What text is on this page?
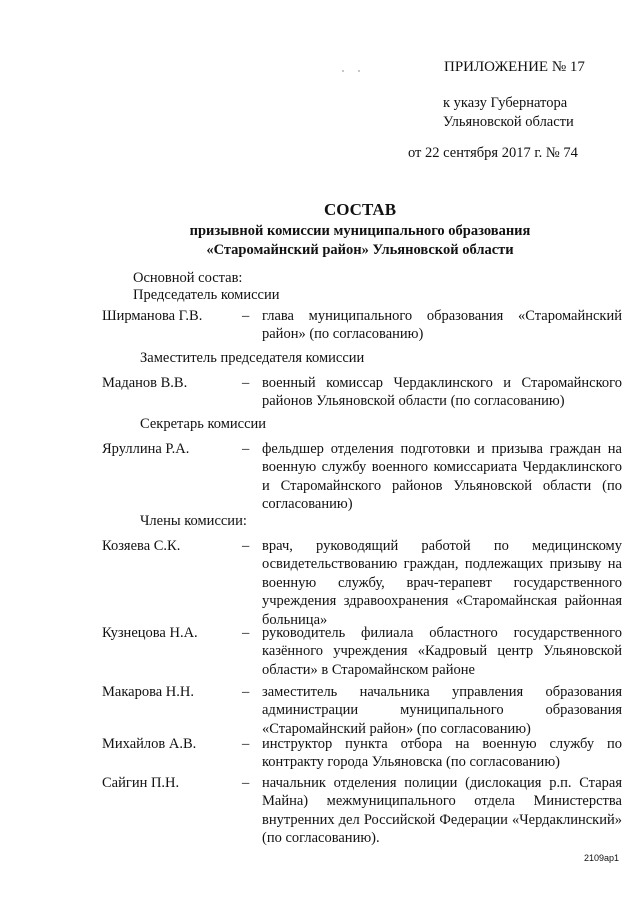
ПРИЛОЖЕНИЕ № 17
к указу Губернатора
Ульяновской области
от 22 сентября 2017 г. № 74
СОСТАВ
призывной комиссии муниципального образования
«Старомайнский район» Ульяновской области
Основной состав:
Председатель комиссии
Ширманова Г.В.	– глава муниципального образования «Старомайнский район» (по согласованию)
Заместитель председателя комиссии
Маданов В.В.	– военный комиссар Чердаклинского и Старомайнского районов Ульяновской области (по согласованию)
Секретарь комиссии
Яруллина Р.А.	– фельдшер отделения подготовки и призыва граждан на военную службу военного комиссариата Чердаклинского и Старомайнского районов Ульяновской области (по согласованию)
Члены комиссии:
Козяева С.К.	– врач, руководящий работой по медицинскому освидетельствованию граждан, подлежащих призыву на военную службу, врач-терапевт государственного учреждения здравоохранения «Старомайнская районная больница»
Кузнецова Н.А.	– руководитель филиала областного государственного казённого учреждения «Кадровый центр Ульяновской области» в Старомайнском районе
Макарова Н.Н.	– заместитель начальника управления образования администрации муниципального образования «Старомайнский район» (по согласованию)
Михайлов А.В.	– инструктор пункта отбора на военную службу по контракту города Ульяновска (по согласованию)
Сайгин П.Н.	– начальник отделения полиции (дислокация р.п. Старая Майна) межмуниципального отдела Министерства внутренних дел Российской Федерации «Чердаклинский» (по согласованию).
2109ap1
